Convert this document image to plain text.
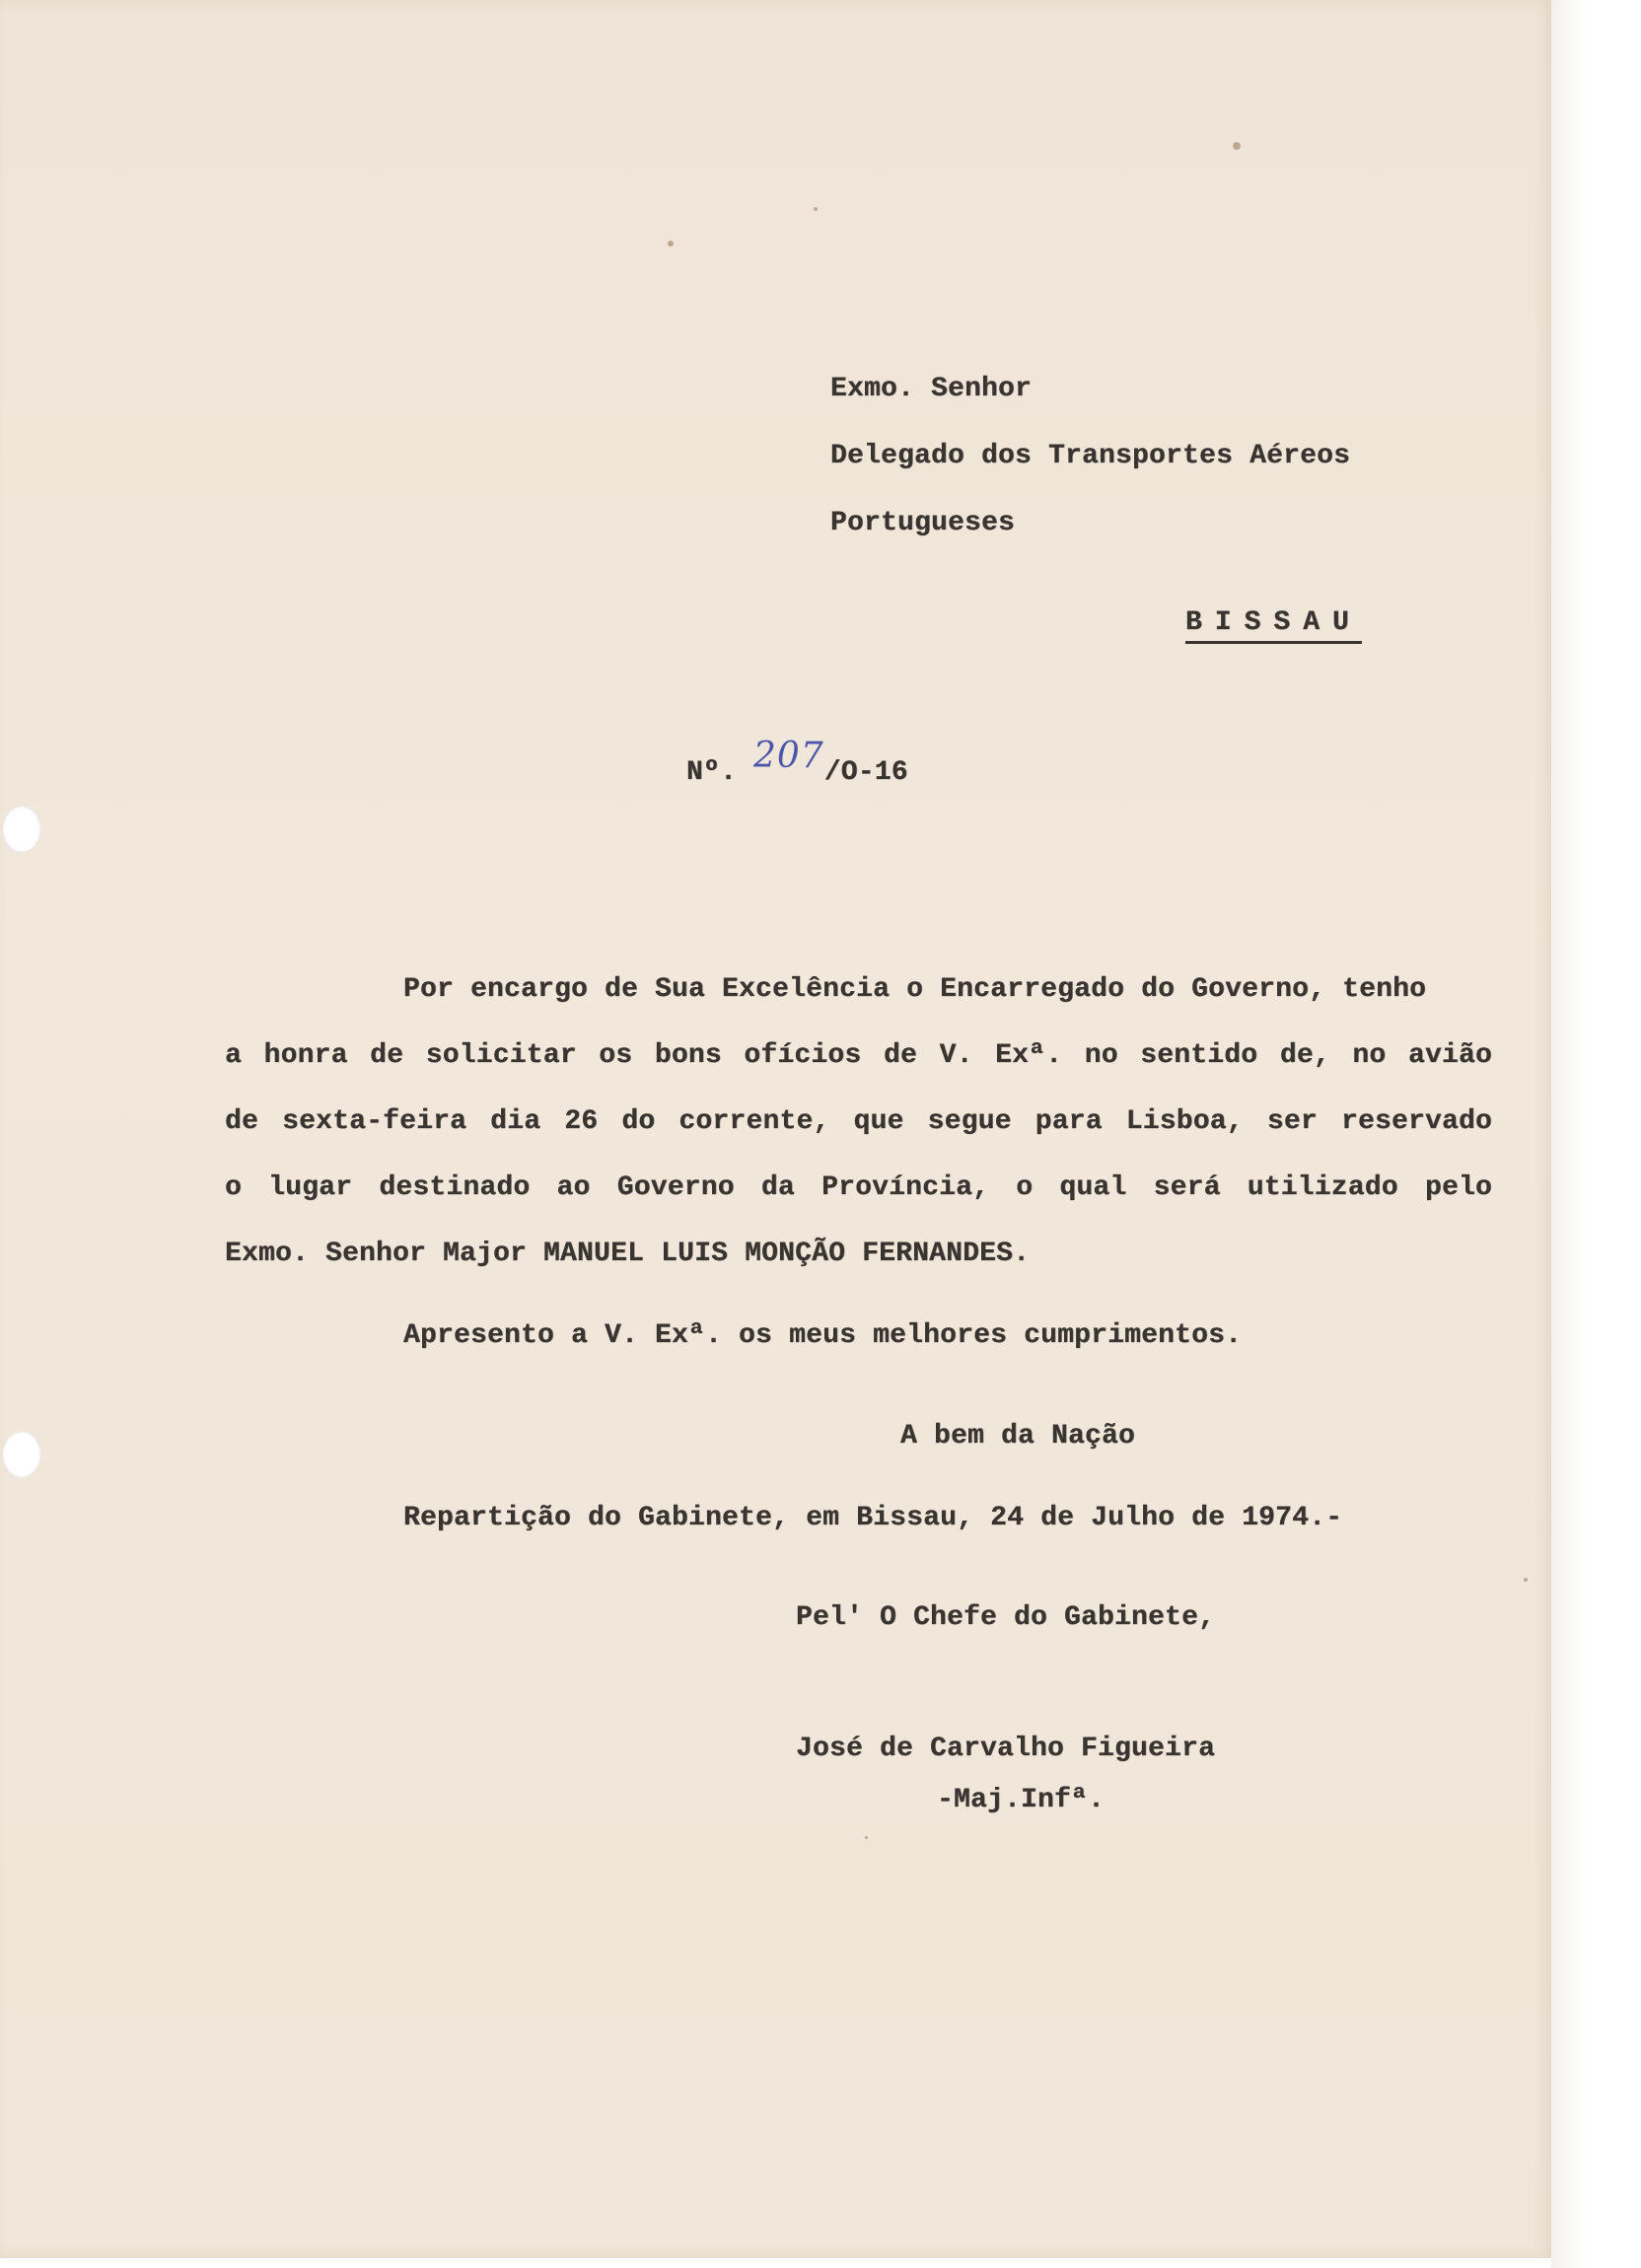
Exmo. Senhor
Delegado dos Transportes Aéreos
Portugueses
BISSAU
Nº. 207/O-16
Por encargo de Sua Excelência o Encarregado do Governo, tenho
a honra de solicitar os bons ofícios de V. Exª. no sentido de, no avião
de sexta-feira dia 26 do corrente, que segue para Lisboa, ser reservado
o lugar destinado ao Governo da Província, o qual será utilizado pelo
Exmo. Senhor Major MANUEL LUIS MONÇÃO FERNANDES.
Apresento a V. Exª. os meus melhores cumprimentos.
A bem da Nação
Repartição do Gabinete, em Bissau, 24 de Julho de 1974.-
Pel' O Chefe do Gabinete,
José de Carvalho Figueira
-Maj.Infª.
